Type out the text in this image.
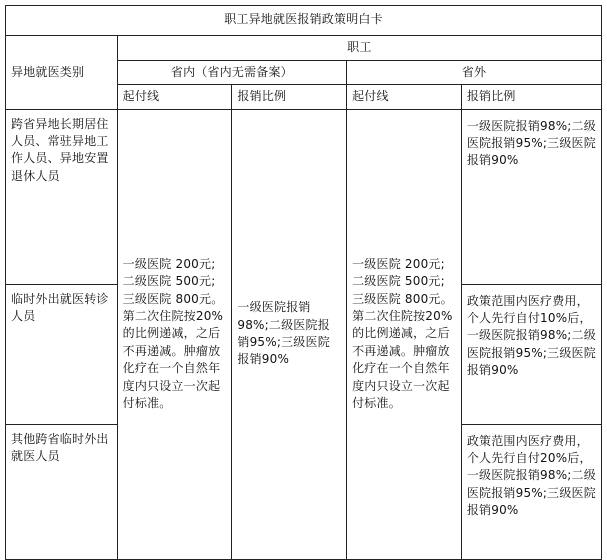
职工异地就医报销政策明白卡				
异地就医类别	职工			
	省内（省内无需备案）		省外	
	起付线	报销比例	起付线	报销比例
跨省异地长期居住人员、常驻异地工作人员、异地安置退休人员	一级医院 200元;二级医院 500元;三级医院 800元。第二次住院按20%的比例递减，之后不再递减。肿瘤放化疗在一个自然年度内只设立一次起付标准。	一级医院报销98%;二级医院报销95%;三级医院报销90%	一级医院 200元;二级医院 500元;三级医院 800元。第二次住院按20%的比例递减，之后不再递减。肿瘤放化疗在一个自然年度内只设立一次起付标准。	一级医院报销98%;二级医院报销95%;三级医院报销90%
临时外出就医转诊人员				政策范围内医疗费用，个人先行自付10%后，一级医院报销98%;二级医院报销95%;三级医院报销90%
其他跨省临时外出就医人员				政策范围内医疗费用，个人先行自付20%后，一级医院报销98%;二级医院报销95%;三级医院报销90%
